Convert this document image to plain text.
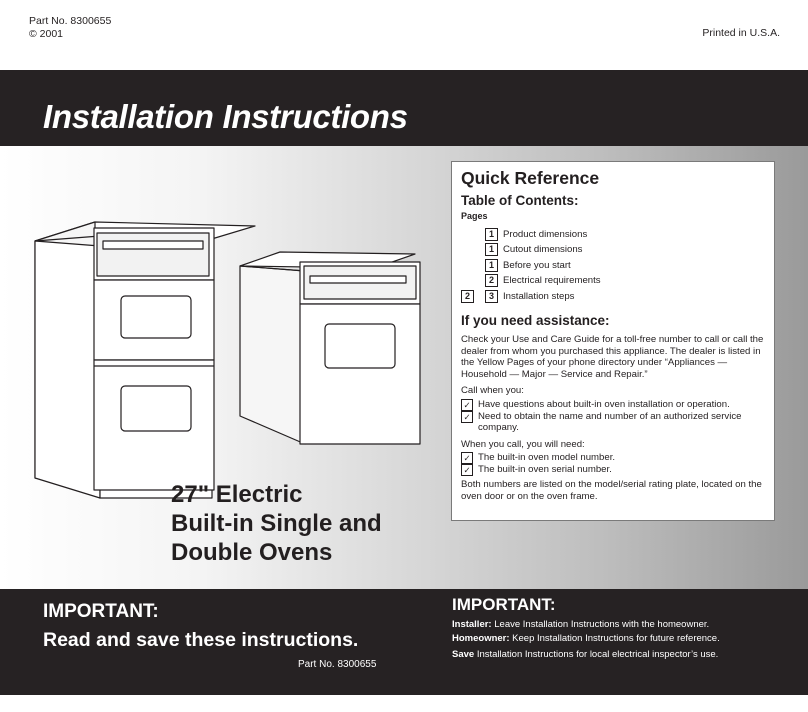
Part No. 8300655
© 2001	Printed in U.S.A.
Installation Instructions
27" Electric
Built-in Single and
Double Ovens
Quick Reference
Table of Contents:
Pages
1 Product dimensions
1 Cutout dimensions
1 Before you start
2 Electrical requirements
2	3 Installation steps
If you need assistance:

Check your Use and Care Guide for a toll-free number to call or call the dealer from whom you purchased this appliance. The dealer is listed in the Yellow Pages of your phone directory under “Appliances — Household — Major — Service and Repair.”

Call when you:

✓ Have questions about built-in oven installation or operation.
✓ Need to obtain the name and number of an authorized service company.

When you call, you will need:

✓ The built-in oven model number.
✓ The built-in oven serial number.

Both numbers are listed on the model/serial rating plate, located on the oven door or on the oven frame.

IMPORTANT:
Read and save these instructions.
Part No. 8300655
IMPORTANT:
Installer: Leave Installation Instructions with the homeowner.
Homeowner: Keep Installation Instructions for future reference.
Save Installation Instructions for local electrical inspector’s use.
